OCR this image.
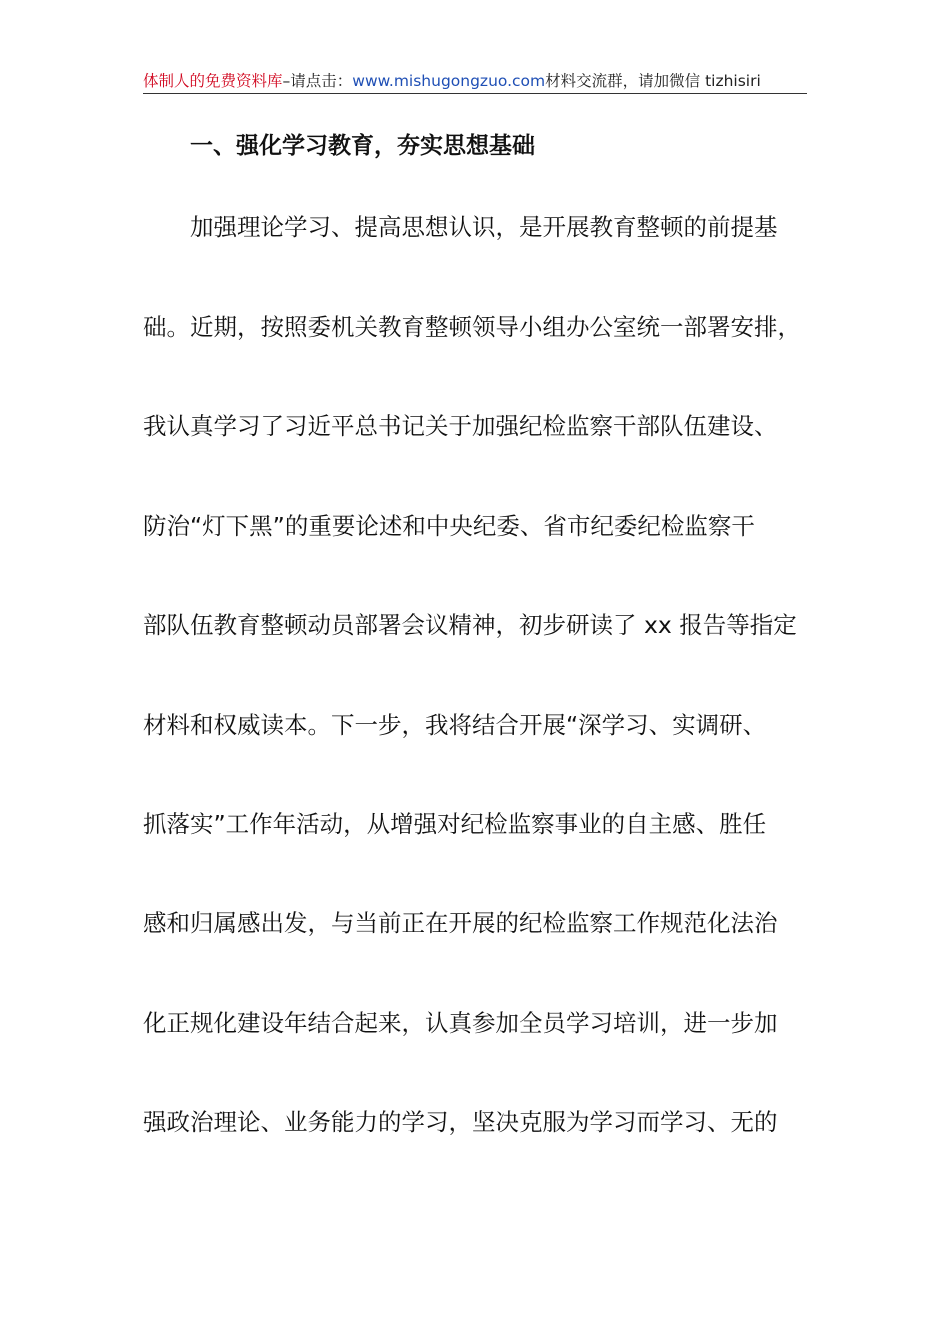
体制人的免费资料库–请点击：www.mishugongzuo.com材料交流群，请加微信 tizhisiri
一、强化学习教育，夯实思想基础
加强理论学习、提高思想认识，是开展教育整顿的前提基
础。近期，按照委机关教育整顿领导小组办公室统一部署安排，
我认真学习了习近平总书记关于加强纪检监察干部队伍建设、
防治“灯下黑”的重要论述和中央纪委、省市纪委纪检监察干
部队伍教育整顿动员部署会议精神，初步研读了 xx 报告等指定
材料和权威读本。下一步，我将结合开展“深学习、实调研、
抓落实”工作年活动，从增强对纪检监察事业的自主感、胜任
感和归属感出发，与当前正在开展的纪检监察工作规范化法治
化正规化建设年结合起来，认真参加全员学习培训，进一步加
强政治理论、业务能力的学习，坚决克服为学习而学习、无的
